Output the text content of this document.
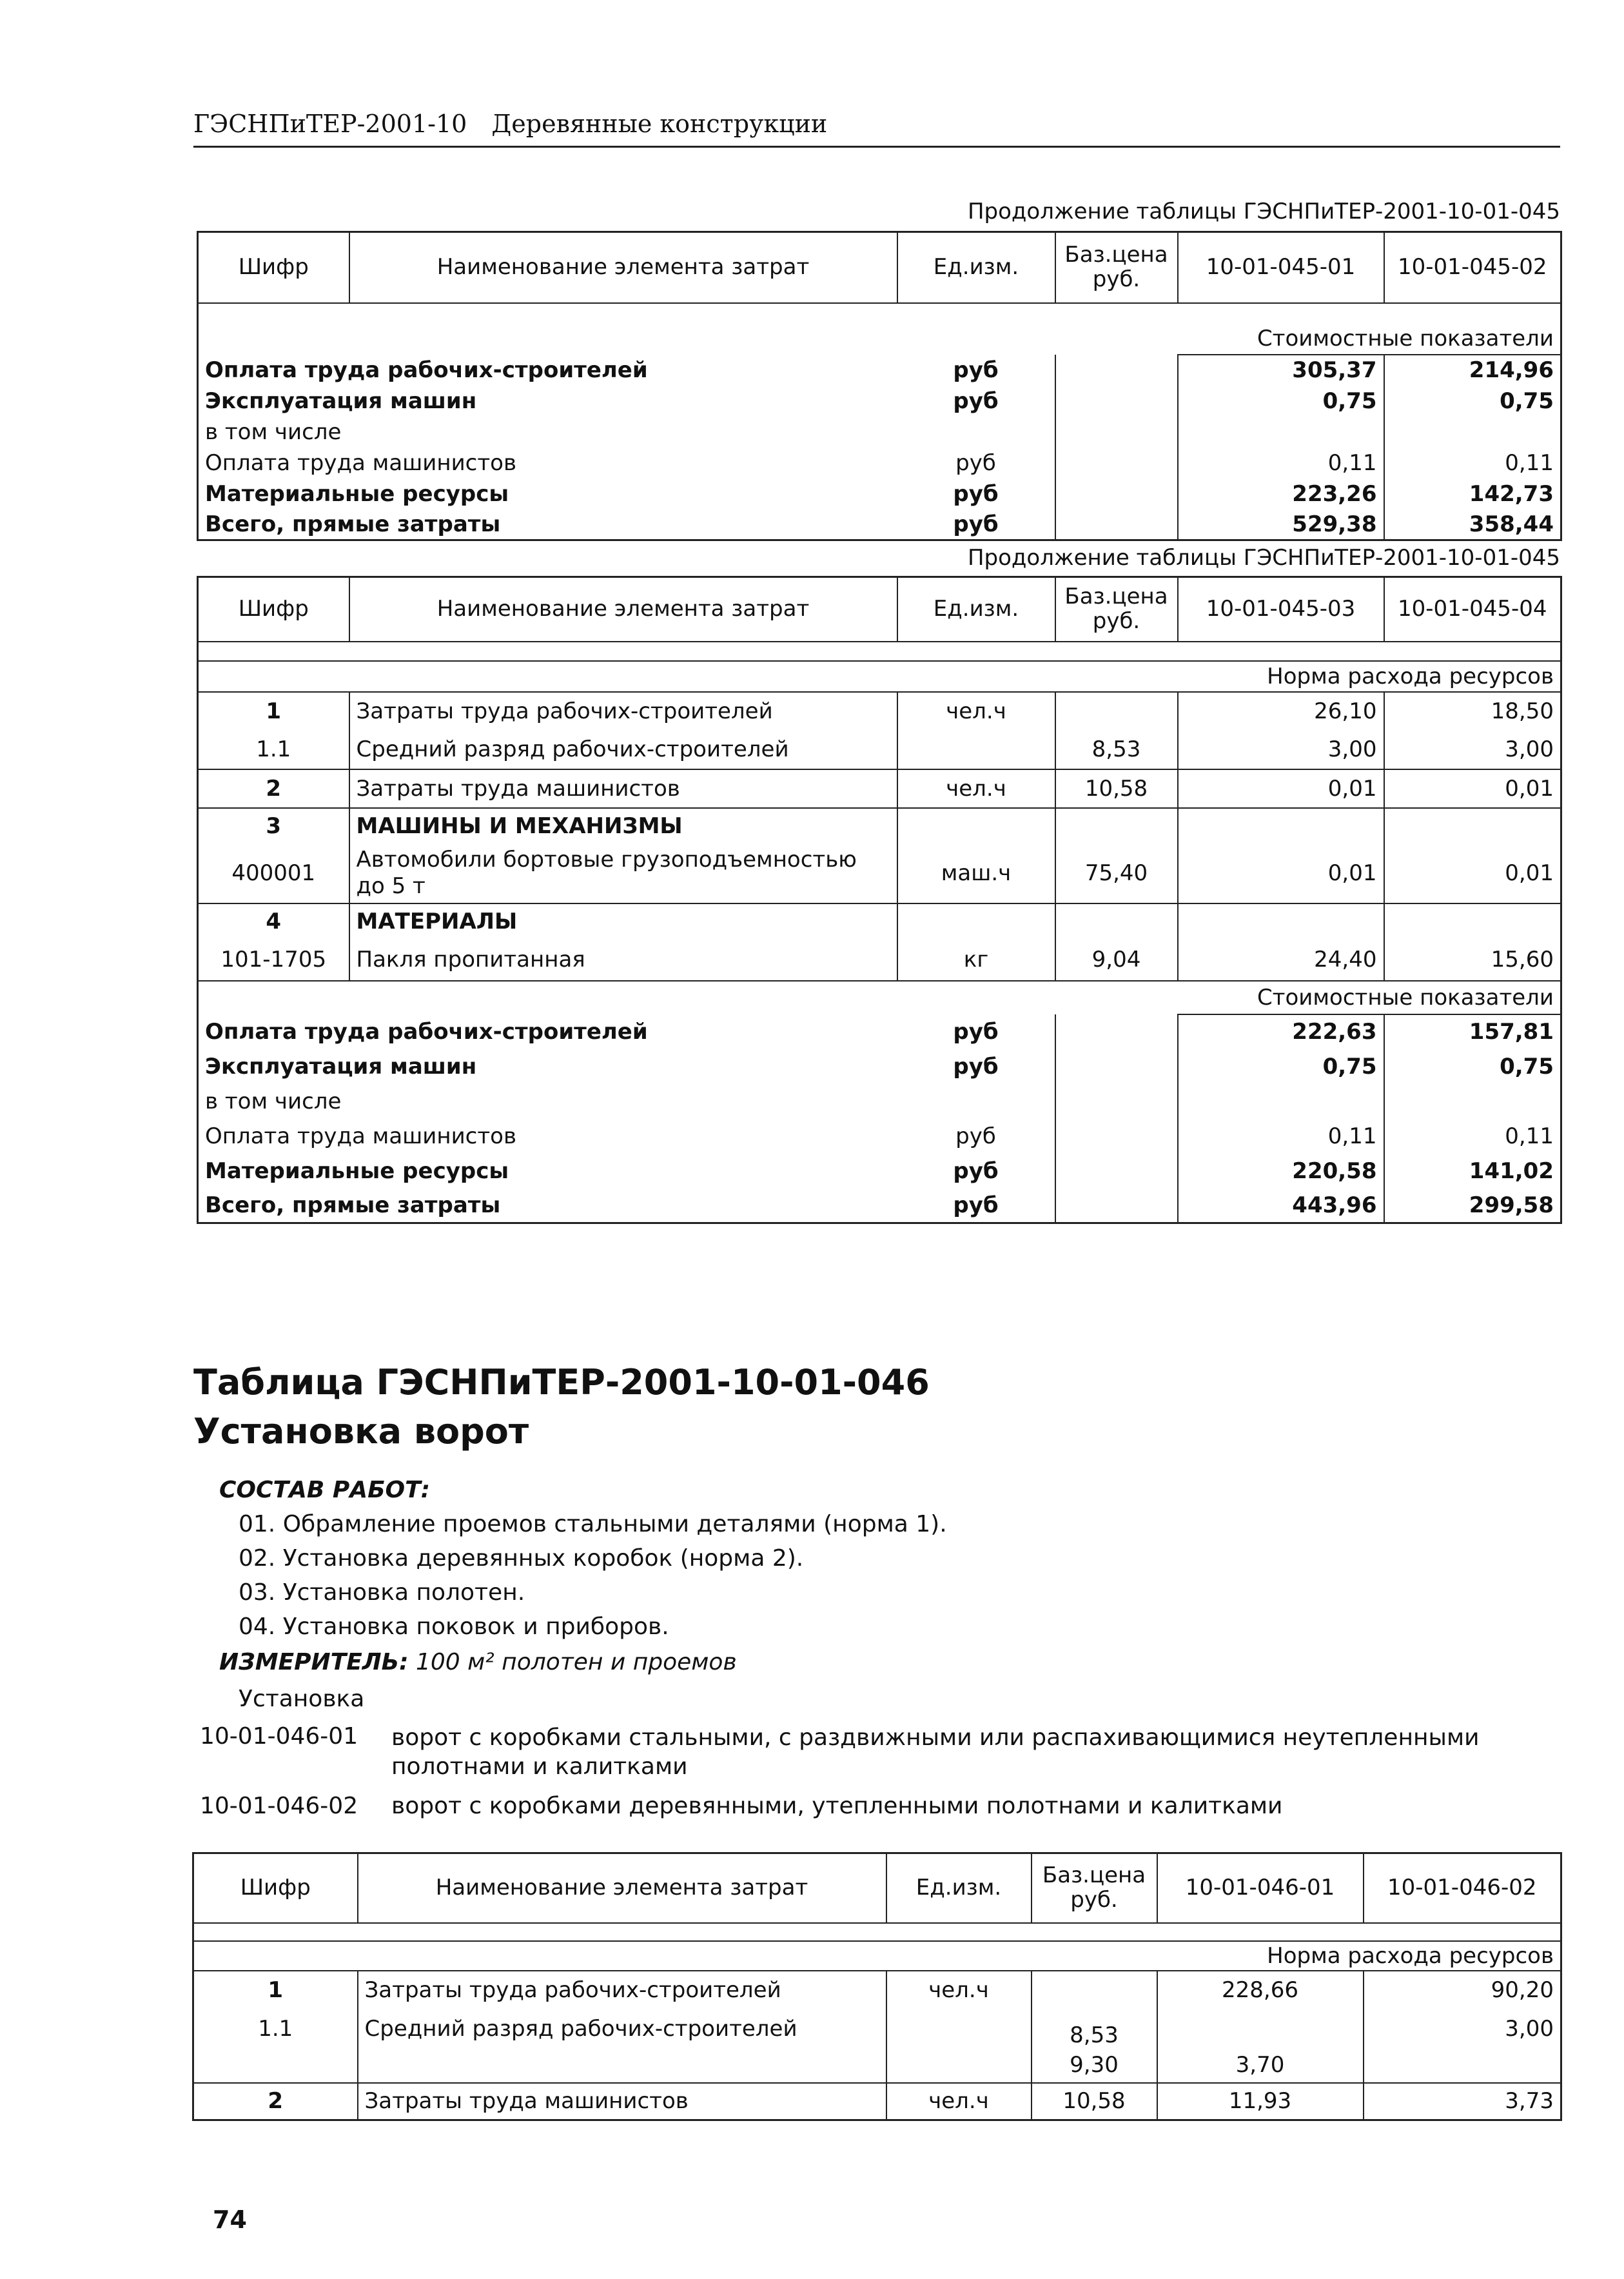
ГЭСНПиТЕР-2001-10 Деревянные конструкции
Продолжение таблицы ГЭСНПиТЕР-2001-10-01-045
Шифр	Наименование элемента затрат	Ед.изм.	Баз.цена руб.	10-01-045-01	10-01-045-02

				Стоимостные показатели	
Оплата труда рабочих-строителей		руб		305,37	214,96
Эксплуатация машин		руб		0,75	0,75
в том числе					
Оплата труда машинистов		руб		0,11	0,11
Материальные ресурсы		руб		223,26	142,73
Всего, прямые затраты		руб		529,38	358,44
Продолжение таблицы ГЭСНПиТЕР-2001-10-01-045
Шифр	Наименование элемента затрат	Ед.изм.	Баз.цена руб.	10-01-045-03	10-01-045-04

				Норма расхода ресурсов	
1	Затраты труда рабочих-строителей	чел.ч		26,10	18,50
1.1	Средний разряд рабочих-строителей		8,53	3,00	3,00
2	Затраты труда машинистов	чел.ч	10,58	0,01	0,01
3	МАШИНЫ И МЕХАНИЗМЫ				
400001	Автомобили бортовые грузоподъемностью до 5 т	маш.ч	75,40	0,01	0,01
4	МАТЕРИАЛЫ				
101-1705	Пакля пропитанная	кг	9,04	24,40	15,60
				Стоимостные показатели	
Оплата труда рабочих-строителей		руб		222,63	157,81
Эксплуатация машин		руб		0,75	0,75
в том числе					
Оплата труда машинистов		руб		0,11	0,11
Материальные ресурсы		руб		220,58	141,02
Всего, прямые затраты		руб		443,96	299,58
Таблица ГЭСНПиТЕР-2001-10-01-046
Установка ворот
СОСТАВ РАБОТ:
01. Обрамление проемов стальными деталями (норма 1).
02. Установка деревянных коробок (норма 2).
03. Установка полотен.
04. Установка поковок и приборов.
ИЗМЕРИТЕЛЬ: 100 м² полотен и проемов
Установка
10-01-046-01 ворот с коробками стальными, с раздвижными или распахивающимися неутепленными полотнами и калитками
10-01-046-02 ворот с коробками деревянными, утепленными полотнами и калитками
Шифр	Наименование элемента затрат	Ед.изм.	Баз.цена руб.	10-01-046-01	10-01-046-02

				Норма расхода ресурсов	
1	Затраты труда рабочих-строителей	чел.ч		228,66	90,20
1.1	Средний разряд рабочих-строителей		8,53		3,00
			9,30	3,70	
2	Затраты труда машинистов	чел.ч	10,58	11,93	3,73
74
